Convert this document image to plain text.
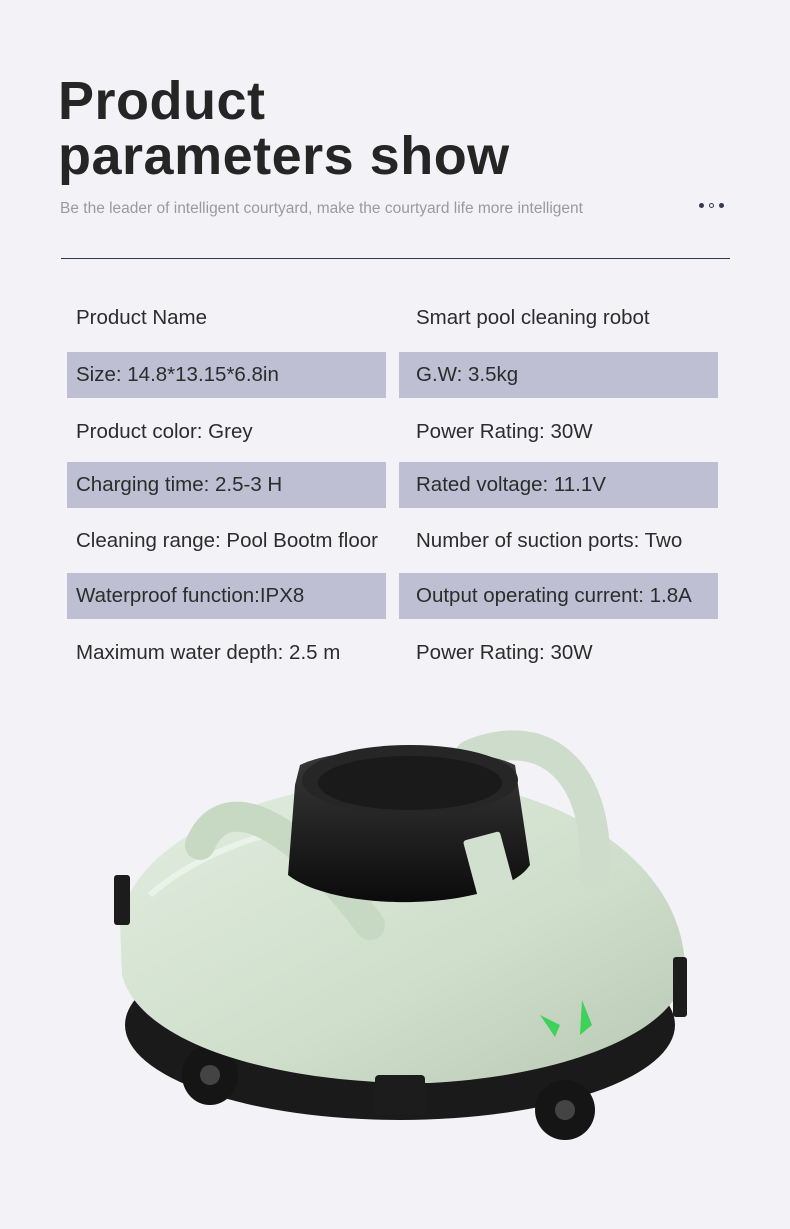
Product
parameters show
Be the leader of intelligent courtyard, make the courtyard life more intelligent
Product Name	Smart pool cleaning robot
Size: 14.8*13.15*6.8in	G.W: 3.5kg
Product color: Grey	Power Rating: 30W
Charging time: 2.5-3 H	Rated voltage: 11.1V
Cleaning range: Pool Bootm floor	Number of suction ports: Two
Waterproof function:IPX8	Output operating current: 1.8A
Maximum water depth: 2.5 m	Power Rating: 30W
